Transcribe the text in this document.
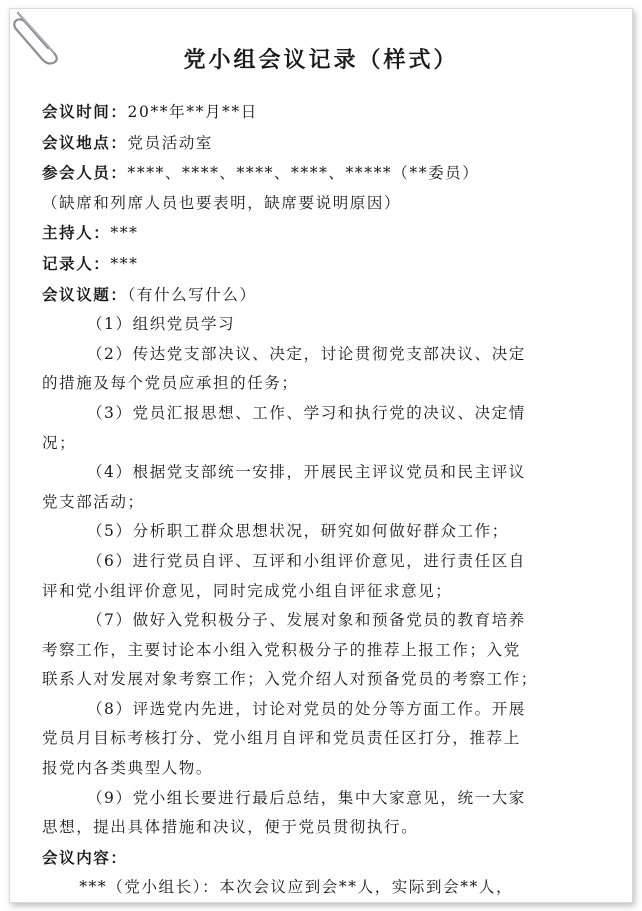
党小组会议记录（样式）
会议时间：20**年**月**日
会议地点：党员活动室
参会人员：****、****、****、****、*****（**委员）
（缺席和列席人员也要表明，缺席要说明原因）
主持人：***
记录人：***
会议议题：（有什么写什么）
（1）组织党员学习
（2）传达党支部决议、决定，讨论贯彻党支部决议、决定
的措施及每个党员应承担的任务；
（3）党员汇报思想、工作、学习和执行党的决议、决定情
况；
（4）根据党支部统一安排，开展民主评议党员和民主评议
党支部活动；
（5）分析职工群众思想状况，研究如何做好群众工作；
（6）进行党员自评、互评和小组评价意见，进行责任区自
评和党小组评价意见，同时完成党小组自评征求意见；
（7）做好入党积极分子、发展对象和预备党员的教育培养
考察工作，主要讨论本小组入党积极分子的推荐上报工作；入党
联系人对发展对象考察工作；入党介绍人对预备党员的考察工作；
（8）评选党内先进，讨论对党员的处分等方面工作。开展
党员月目标考核打分、党小组月自评和党员责任区打分，推荐上
报党内各类典型人物。
（9）党小组长要进行最后总结，集中大家意见，统一大家
思想，提出具体措施和决议，便于党员贯彻执行。
会议内容：
***（党小组长）：本次会议应到会**人，实际到会**人，
